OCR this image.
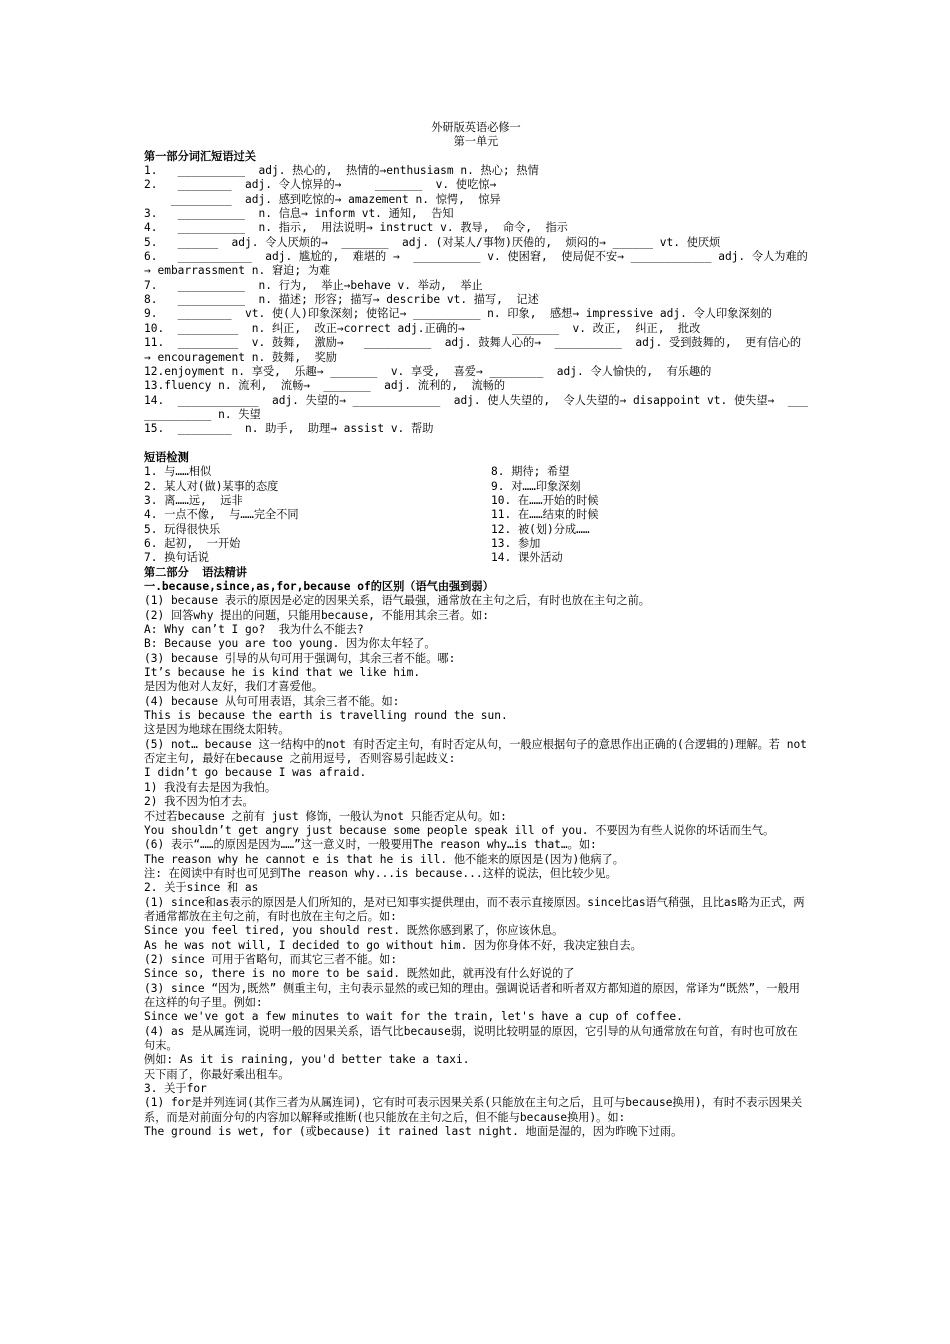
外研版英语必修一

第一单元

第一部分词汇短语过关

1.   __________  adj. 热心的,  热情的→enthusiasm n. 热心; 热情

2.   ________  adj. 令人惊异的→     _______  v. 使吃惊→

_________  adj. 感到吃惊的→ amazement n. 惊愕,  惊异

3.   __________  n. 信息→ inform vt. 通知,  告知

4.   __________  n. 指示,  用法说明→ instruct v. 教导,  命令,  指示

5.   ______  adj. 令人厌烦的→  _______  adj. (对某人/事物)厌倦的,  烦闷的→ ______ vt. 使厌烦

6.   ___________  adj. 尴尬的,  难堪的 →  __________ v. 使困窘,  使局促不安→ ____________ adj. 令人为难的 → embarrassment n. 窘迫; 为难

7.   __________  n. 行为,  举止→behave v. 举动,  举止

8.   __________  n. 描述; 形容; 描写→ describe vt. 描写,  记述

9.   ________  vt. 使(人)印象深刻; 使铭记→ __________ n. 印象,  感想→ impressive adj. 令人印象深刻的

10.  _________  n. 纠正,  改正→correct adj.正确的→       _______  v. 改正,  纠正,  批改

11.  _________  v. 鼓舞,  激励→   __________  adj. 鼓舞人心的→  __________  adj. 受到鼓舞的,  更有信心的 → encouragement n. 鼓舞,  奖励

12.enjoyment n. 享受,  乐趣→ _______  v. 享受,  喜爱→ ________  adj. 令人愉快的,  有乐趣的

13.fluency n. 流利,  流畅→  _______  adj. 流利的,  流畅的

14.  ____________  adj. 失望的→ _____________  adj. 使人失望的,  令人失望的→ disappoint vt. 使失望→  _____________ n. 失望

15.  ________  n. 助手,  助理→ assist v. 帮助

短语检测

1. 与……相似

2. 某人对(做)某事的态度

3. 离……远,  远非

4. 一点不像,  与……完全不同

5. 玩得很快乐

6. 起初,  一开始

7. 换句话说

8. 期待; 希望

9. 对……印象深刻

10. 在……开始的时候

11. 在……结束的时候

12. 被(划)分成……

13. 参加

14. 课外活动

第二部分  语法精讲

一.because,since,as,for,because of的区别（语气由强到弱）

(1) because 表示的原因是必定的因果关系，语气最强，通常放在主句之后，有时也放在主句之前。

(2) 回答why 提出的问题，只能用because, 不能用其余三者。如:

A: Why can’t I go?  我为什么不能去?

B: Because you are too young. 因为你太年轻了。

(3) because 引导的从句可用于强调句，其余三者不能。哪:

It’s because he is kind that we like him.

是因为他对人友好，我们才喜爱他。

(4) because 从句可用表语，其余三者不能。如:

This is because the earth is travelling round the sun.

这是因为地球在围绕太阳转。

(5) not… because 这一结构中的not 有时否定主句，有时否定从句，一般应根据句子的意思作出正确的(合逻辑的)理解。若 not 否定主句, 最好在because 之前用逗号, 否则容易引起歧义:

I didn’t go because I was afraid.

1) 我没有去是因为我怕。

2) 我不因为怕才去。

不过若because 之前有 just 修饰，一般认为not 只能否定从句。如:

You shouldn’t get angry just because some people speak ill of you. 不要因为有些人说你的坏话而生气。

(6) 表示“……的原因是因为……”这一意义时，一般要用The reason why…is that…。如:

The reason why he cannot e is that he is ill. 他不能来的原因是(因为)他病了。

注: 在阅读中有时也可见到The reason why...is because...这样的说法，但比较少见。

2. 关于since 和 as

(1) since和as表示的原因是人们所知的，是对已知事实提供理由，而不表示直接原因。since比as语气稍强，且比as略为正式，两者通常都放在主句之前，有时也放在主句之后。如:

Since you feel tired, you should rest. 既然你感到累了，你应该休息。

As he was not will, I decided to go without him. 因为你身体不好，我决定独自去。

(2) since 可用于省略句，而其它三者不能。如:

Since so, there is no more to be said. 既然如此，就再没有什么好说的了

(3) since “因为,既然” 侧重主句，主句表示显然的或已知的理由。强调说话者和听者双方都知道的原因，常译为“既然”，一般用在这样的句子里。例如:

Since we've got a few minutes to wait for the train, let's have a cup of coffee.

(4) as 是从属连词，说明一般的因果关系，语气比because弱，说明比较明显的原因，它引导的从句通常放在句首，有时也可放在句末。

例如: As it is raining, you'd better take a taxi.

天下雨了，你最好乘出租车。

3. 关于for

(1) for是并列连词(其作三者为从属连词)，它有时可表示因果关系(只能放在主句之后，且可与because换用)，有时不表示因果关系，而是对前面分句的内容加以解释或推断(也只能放在主句之后，但不能与because换用)。如:

The ground is wet, for (或because) it rained last night. 地面是湿的，因为昨晚下过雨。
